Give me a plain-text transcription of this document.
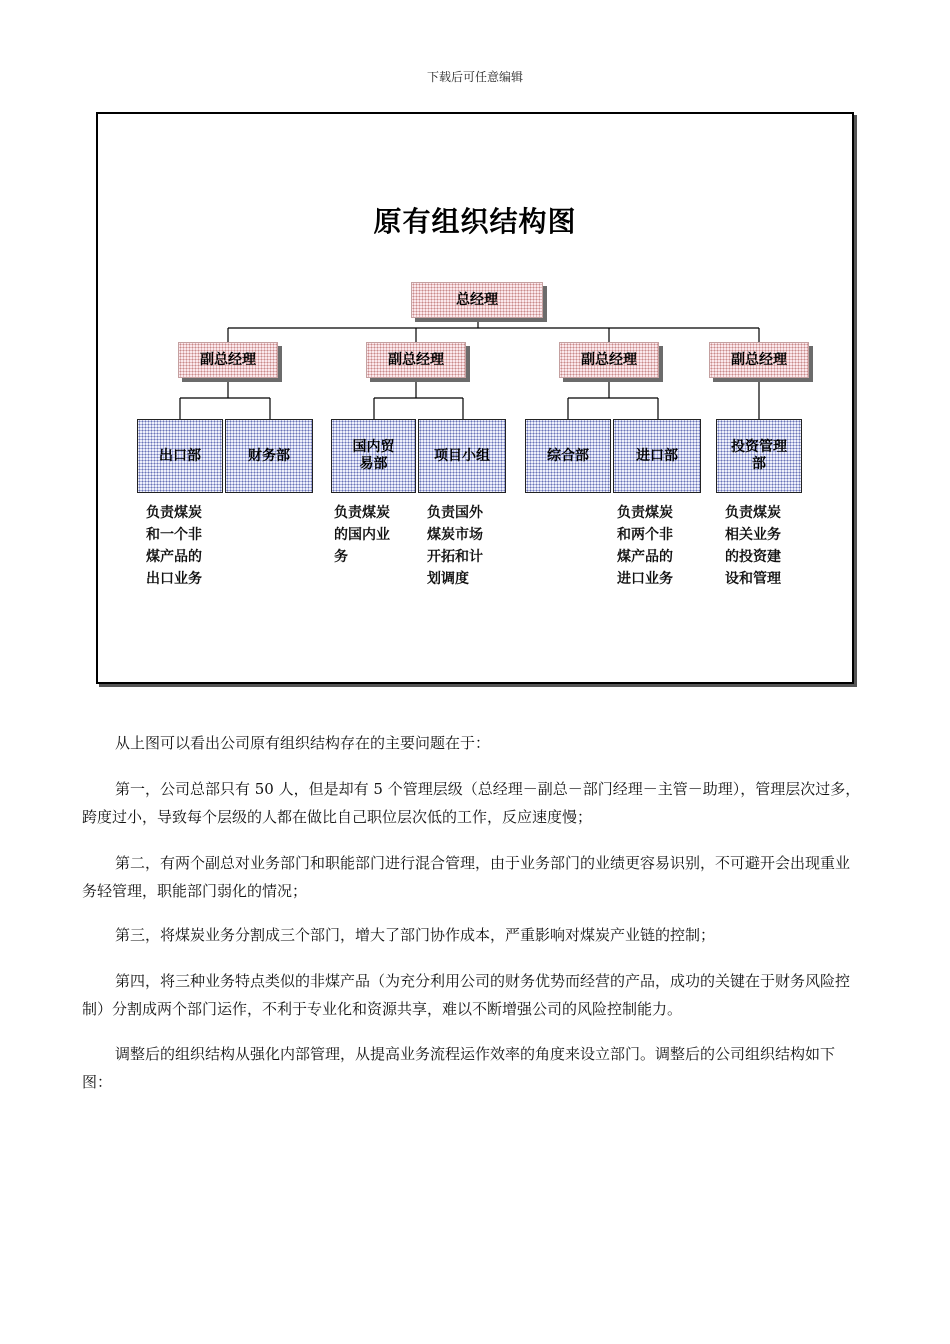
下载后可任意编辑
原有组织结构图
总经理
副总经理	副总经理	副总经理	副总经理
出口部	财务部
国内贸易部
项目小组	综合部	进口部
投资管理部
负责煤炭
和一个非
煤产品的
出口业务
负责煤炭
的国内业
务
负责国外
煤炭市场
开拓和计
划调度
负责煤炭
和两个非
煤产品的
进口业务
负责煤炭
相关业务
的投资建
设和管理
从上图可以看出公司原有组织结构存在的主要问题在于：
第一，公司总部只有 50 人，但是却有 5 个管理层级（总经理－副总－部门经理－主管－助理），管理层次过多，跨度过小，导致每个层级的人都在做比自己职位层次低的工作，反应速度慢；
第二，有两个副总对业务部门和职能部门进行混合管理，由于业务部门的业绩更容易识别，不可避开会出现重业务轻管理，职能部门弱化的情况；
第三，将煤炭业务分割成三个部门，增大了部门协作成本，严重影响对煤炭产业链的控制；
第四，将三种业务特点类似的非煤产品（为充分利用公司的财务优势而经营的产品，成功的关键在于财务风险控制）分割成两个部门运作，不利于专业化和资源共享，难以不断增强公司的风险控制能力。
调整后的组织结构从强化内部管理，从提高业务流程运作效率的角度来设立部门。调整后的公司组织结构如下图：
